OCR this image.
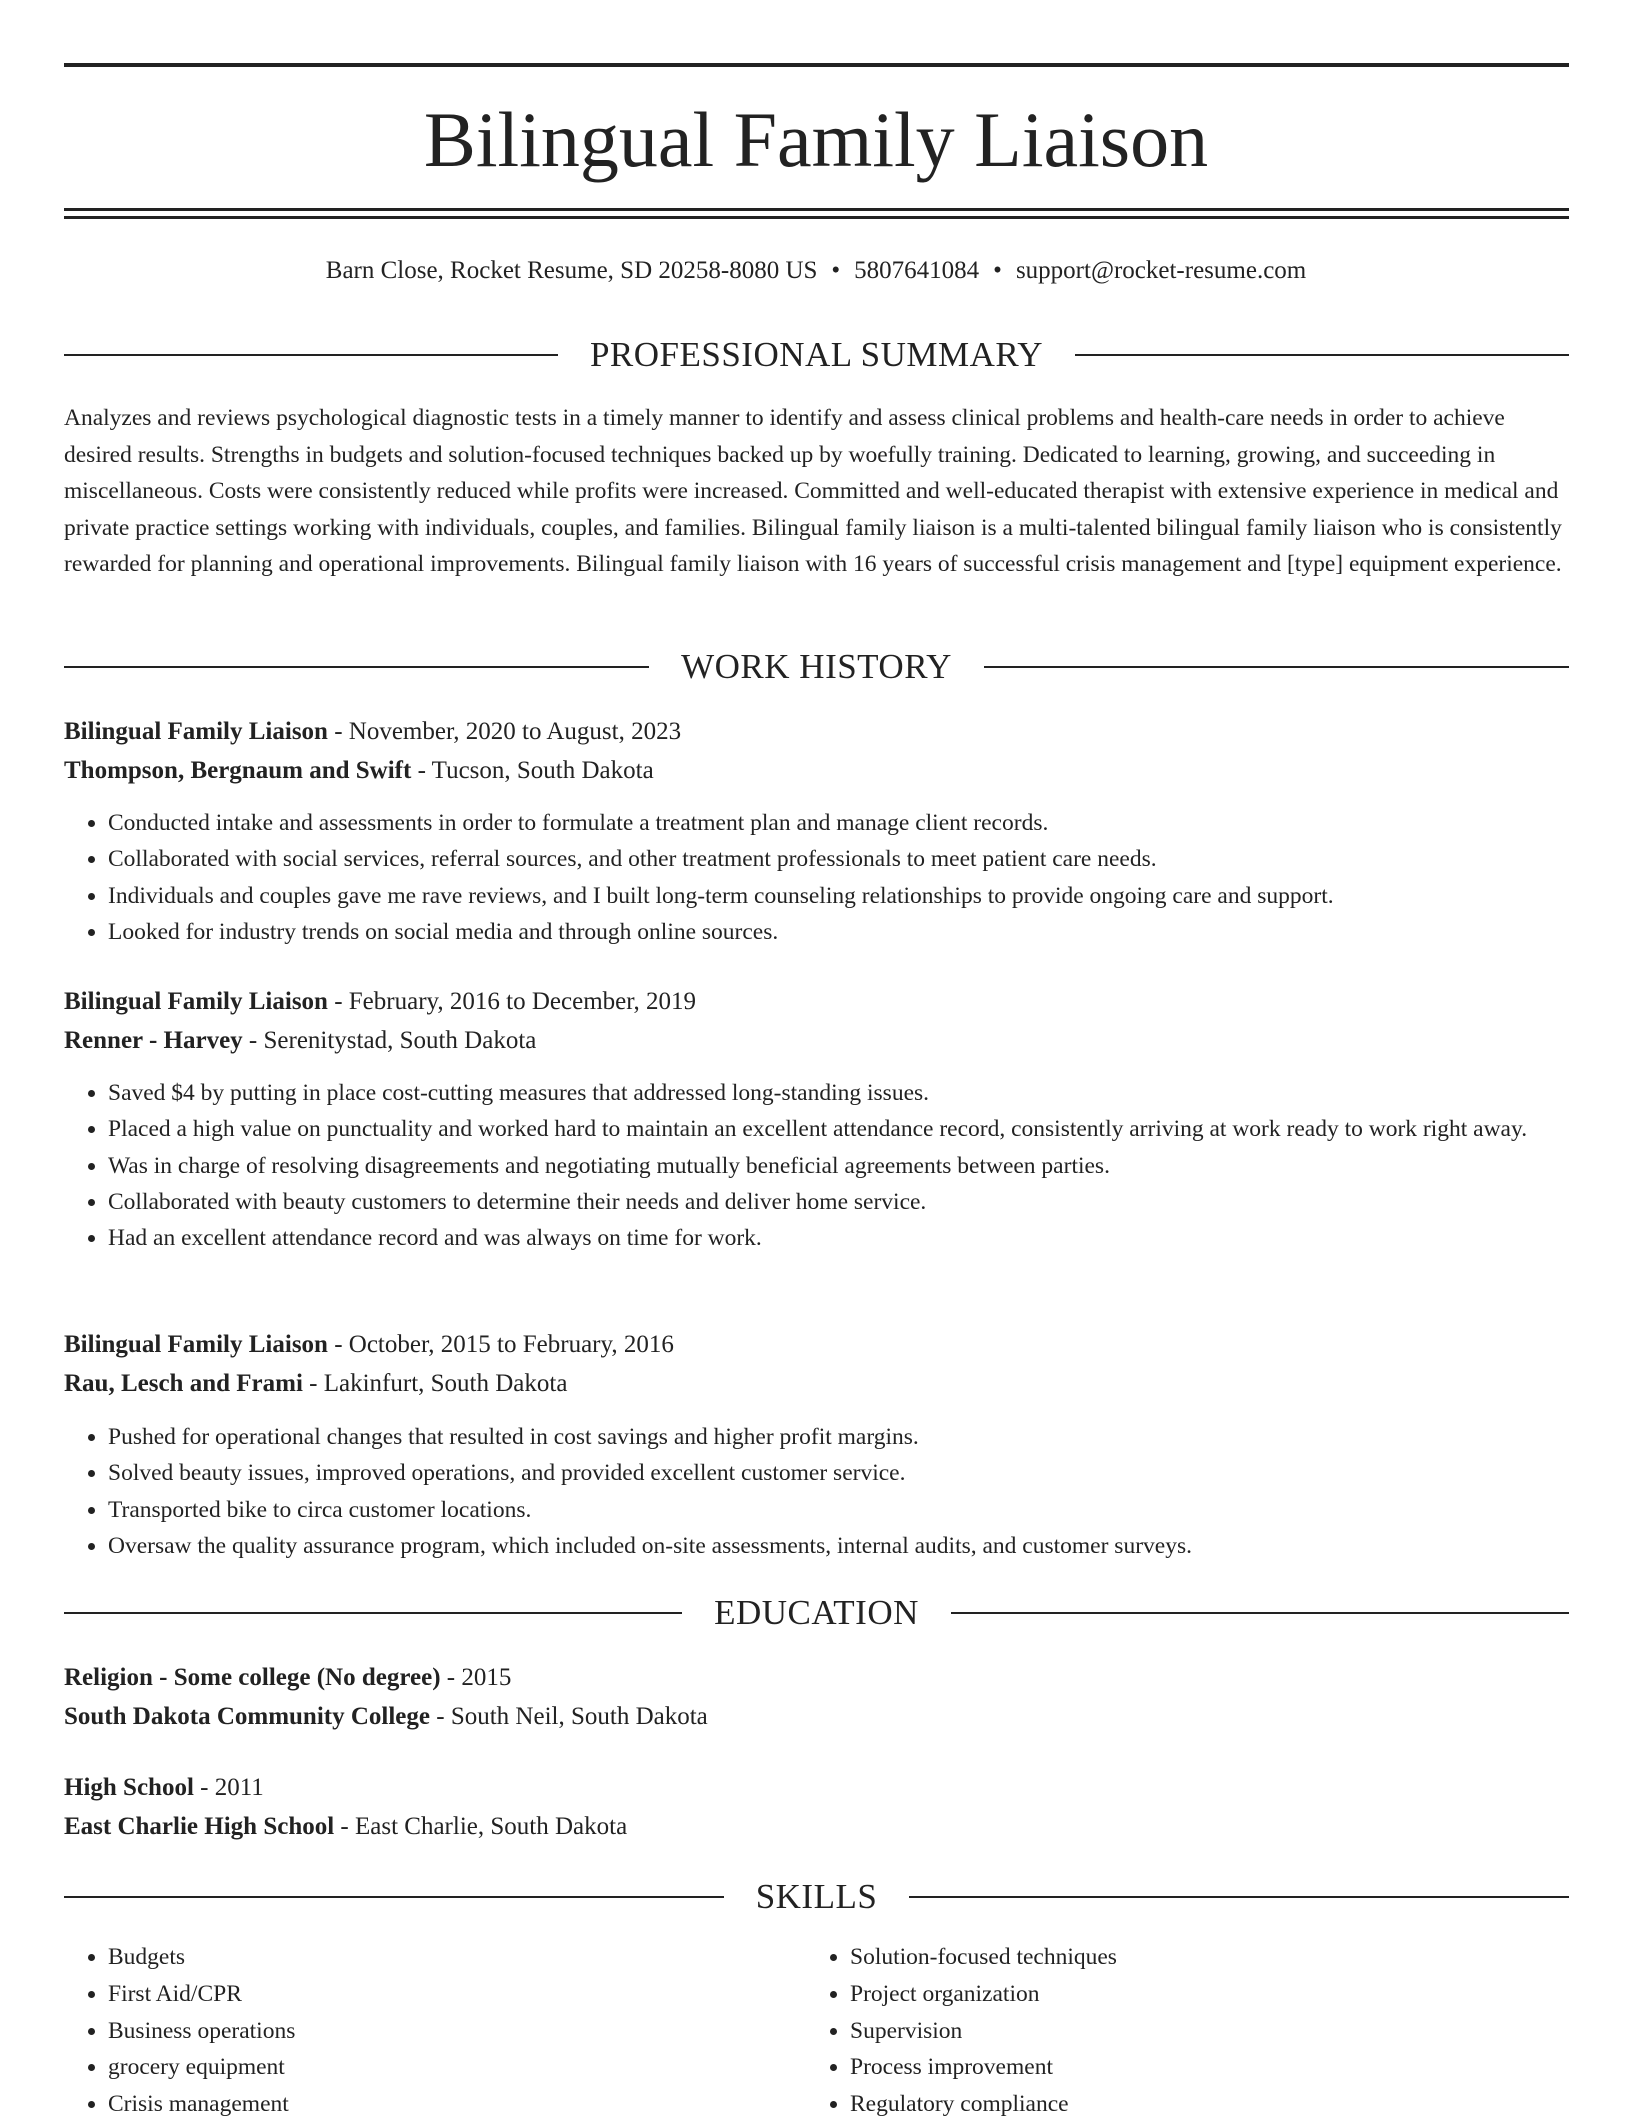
Bilingual Family Liaison
Barn Close, Rocket Resume, SD 20258-8080 US • 5807641084 • support@rocket-resume.com
PROFESSIONAL SUMMARY

Analyzes and reviews psychological diagnostic tests in a timely manner to identify and assess clinical problems and health-care needs in order to achieve desired results. Strengths in budgets and solution-focused techniques backed up by woefully training. Dedicated to learning, growing, and succeeding in miscellaneous. Costs were consistently reduced while profits were increased. Committed and well-educated therapist with extensive experience in medical and private practice settings working with individuals, couples, and families. Bilingual family liaison is a multi-talented bilingual family liaison who is consistently rewarded for planning and operational improvements. Bilingual family liaison with 16 years of successful crisis management and [type] equipment experience.

WORK HISTORY
Bilingual Family Liaison - November, 2020 to August, 2023
Thompson, Bergnaum and Swift - Tucson, South Dakota
• Conducted intake and assessments in order to formulate a treatment plan and manage client records.
• Collaborated with social services, referral sources, and other treatment professionals to meet patient care needs.
• Individuals and couples gave me rave reviews, and I built long-term counseling relationships to provide ongoing care and support.
• Looked for industry trends on social media and through online sources.
Bilingual Family Liaison - February, 2016 to December, 2019
Renner - Harvey - Serenitystad, South Dakota
• Saved $4 by putting in place cost-cutting measures that addressed long-standing issues.
• Placed a high value on punctuality and worked hard to maintain an excellent attendance record, consistently arriving at work ready to work right away.
• Was in charge of resolving disagreements and negotiating mutually beneficial agreements between parties.
• Collaborated with beauty customers to determine their needs and deliver home service.
• Had an excellent attendance record and was always on time for work.
Bilingual Family Liaison - October, 2015 to February, 2016
Rau, Lesch and Frami - Lakinfurt, South Dakota
• Pushed for operational changes that resulted in cost savings and higher profit margins.
• Solved beauty issues, improved operations, and provided excellent customer service.
• Transported bike to circa customer locations.
• Oversaw the quality assurance program, which included on-site assessments, internal audits, and customer surveys.
EDUCATION
Religion - Some college (No degree) - 2015
South Dakota Community College - South Neil, South Dakota
High School - 2011
East Charlie High School - East Charlie, South Dakota
SKILLS
• Budgets
• First Aid/CPR
• Business operations
• grocery equipment
• Crisis management
• Solution-focused techniques
• Project organization
• Supervision
• Process improvement
• Regulatory compliance
